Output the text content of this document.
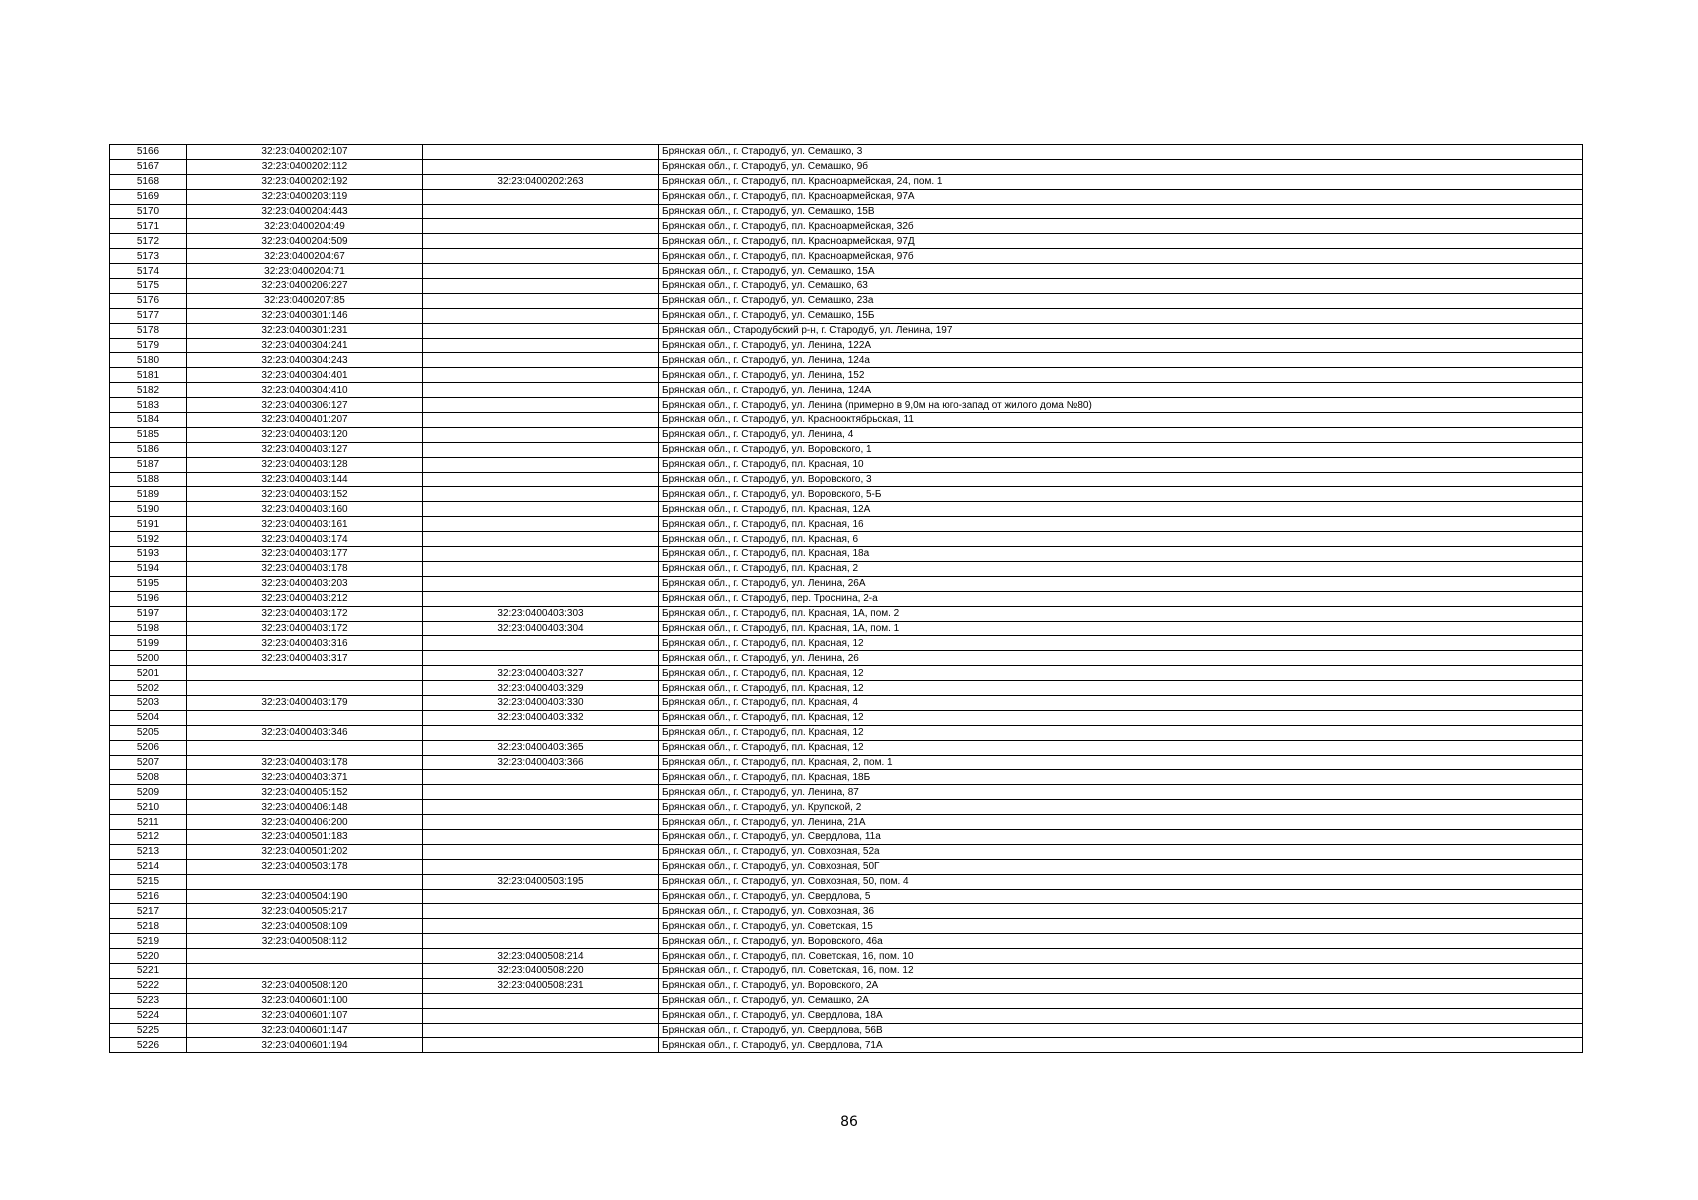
5166	32:23:0400202:107		Брянская обл., г. Стародуб, ул. Семашко, 3
5167	32:23:0400202:112		Брянская обл., г. Стародуб, ул. Семашко, 9б
5168	32:23:0400202:192	32:23:0400202:263	Брянская обл., г. Стародуб, пл. Красноармейская, 24, пом. 1
5169	32:23:0400203:119		Брянская обл., г. Стародуб, пл. Красноармейская, 97А
5170	32:23:0400204:443		Брянская обл., г. Стародуб, ул. Семашко, 15В
5171	32:23:0400204:49		Брянская обл., г. Стародуб, пл. Красноармейская, 32б
5172	32:23:0400204:509		Брянская обл., г. Стародуб, пл. Красноармейская, 97Д
5173	32:23:0400204:67		Брянская обл., г. Стародуб, пл. Красноармейская, 97б
5174	32:23:0400204:71		Брянская обл., г. Стародуб, ул. Семашко, 15А
5175	32:23:0400206:227		Брянская обл., г. Стародуб, ул. Семашко, 63
5176	32:23:0400207:85		Брянская обл., г. Стародуб, ул. Семашко, 23а
5177	32:23:0400301:146		Брянская обл., г. Стародуб, ул. Семашко, 15Б
5178	32:23:0400301:231		Брянская обл., Стародубский р-н, г. Стародуб, ул. Ленина, 197
5179	32:23:0400304:241		Брянская обл., г. Стародуб, ул. Ленина, 122А
5180	32:23:0400304:243		Брянская обл., г. Стародуб, ул. Ленина, 124а
5181	32:23:0400304:401		Брянская обл., г. Стародуб, ул. Ленина, 152
5182	32:23:0400304:410		Брянская обл., г. Стародуб, ул. Ленина, 124А
5183	32:23:0400306:127		Брянская обл., г. Стародуб, ул. Ленина (примерно в 9,0м на юго-запад от жилого дома №80)
5184	32:23:0400401:207		Брянская обл., г. Стародуб, ул. Краснооктябрьская, 11
5185	32:23:0400403:120		Брянская обл., г. Стародуб, ул. Ленина, 4
5186	32:23:0400403:127		Брянская обл., г. Стародуб, ул. Воровского, 1
5187	32:23:0400403:128		Брянская обл., г. Стародуб, пл. Красная, 10
5188	32:23:0400403:144		Брянская обл., г. Стародуб, ул. Воровского, 3
5189	32:23:0400403:152		Брянская обл., г. Стародуб, ул. Воровского, 5-Б
5190	32:23:0400403:160		Брянская обл., г. Стародуб, пл. Красная, 12А
5191	32:23:0400403:161		Брянская обл., г. Стародуб, пл. Красная, 16
5192	32:23:0400403:174		Брянская обл., г. Стародуб, пл. Красная, 6
5193	32:23:0400403:177		Брянская обл., г. Стародуб, пл. Красная, 18а
5194	32:23:0400403:178		Брянская обл., г. Стародуб, пл. Красная, 2
5195	32:23:0400403:203		Брянская обл., г. Стародуб, ул. Ленина, 26А
5196	32:23:0400403:212		Брянская обл., г. Стародуб, пер. Троснина, 2-а
5197	32:23:0400403:172	32:23:0400403:303	Брянская обл., г. Стародуб, пл. Красная, 1А, пом. 2
5198	32:23:0400403:172	32:23:0400403:304	Брянская обл., г. Стародуб, пл. Красная, 1А, пом. 1
5199	32:23:0400403:316		Брянская обл., г. Стародуб, пл. Красная, 12
5200	32:23:0400403:317		Брянская обл., г. Стародуб, ул. Ленина, 26
5201		32:23:0400403:327	Брянская обл., г. Стародуб, пл. Красная, 12
5202		32:23:0400403:329	Брянская обл., г. Стародуб, пл. Красная, 12
5203	32:23:0400403:179	32:23:0400403:330	Брянская обл., г. Стародуб, пл. Красная, 4
5204		32:23:0400403:332	Брянская обл., г. Стародуб, пл. Красная, 12
5205	32:23:0400403:346		Брянская обл., г. Стародуб, пл. Красная, 12
5206		32:23:0400403:365	Брянская обл., г. Стародуб, пл. Красная, 12
5207	32:23:0400403:178	32:23:0400403:366	Брянская обл., г. Стародуб, пл. Красная, 2, пом. 1
5208	32:23:0400403:371		Брянская обл., г. Стародуб, пл. Красная, 18Б
5209	32:23:0400405:152		Брянская обл., г. Стародуб, ул. Ленина, 87
5210	32:23:0400406:148		Брянская обл., г. Стародуб, ул. Крупской, 2
5211	32:23:0400406:200		Брянская обл., г. Стародуб, ул. Ленина, 21А
5212	32:23:0400501:183		Брянская обл., г. Стародуб, ул. Свердлова, 11а
5213	32:23:0400501:202		Брянская обл., г. Стародуб, ул. Совхозная, 52а
5214	32:23:0400503:178		Брянская обл., г. Стародуб, ул. Совхозная, 50Г
5215		32:23:0400503:195	Брянская обл., г. Стародуб, ул. Совхозная, 50, пом. 4
5216	32:23:0400504:190		Брянская обл., г. Стародуб, ул. Свердлова, 5
5217	32:23:0400505:217		Брянская обл., г. Стародуб, ул. Совхозная, 36
5218	32:23:0400508:109		Брянская обл., г. Стародуб, ул. Советская, 15
5219	32:23:0400508:112		Брянская обл., г. Стародуб, ул. Воровского, 46а
5220		32:23:0400508:214	Брянская обл., г. Стародуб, пл. Советская, 16, пом. 10
5221		32:23:0400508:220	Брянская обл., г. Стародуб, пл. Советская, 16, пом. 12
5222	32:23:0400508:120	32:23:0400508:231	Брянская обл., г. Стародуб, ул. Воровского, 2А
5223	32:23:0400601:100		Брянская обл., г. Стародуб, ул. Семашко, 2А
5224	32:23:0400601:107		Брянская обл., г. Стародуб, ул. Свердлова, 18А
5225	32:23:0400601:147		Брянская обл., г. Стародуб, ул. Свердлова, 56В
5226	32:23:0400601:194		Брянская обл., г. Стародуб, ул. Свердлова, 71А
86
